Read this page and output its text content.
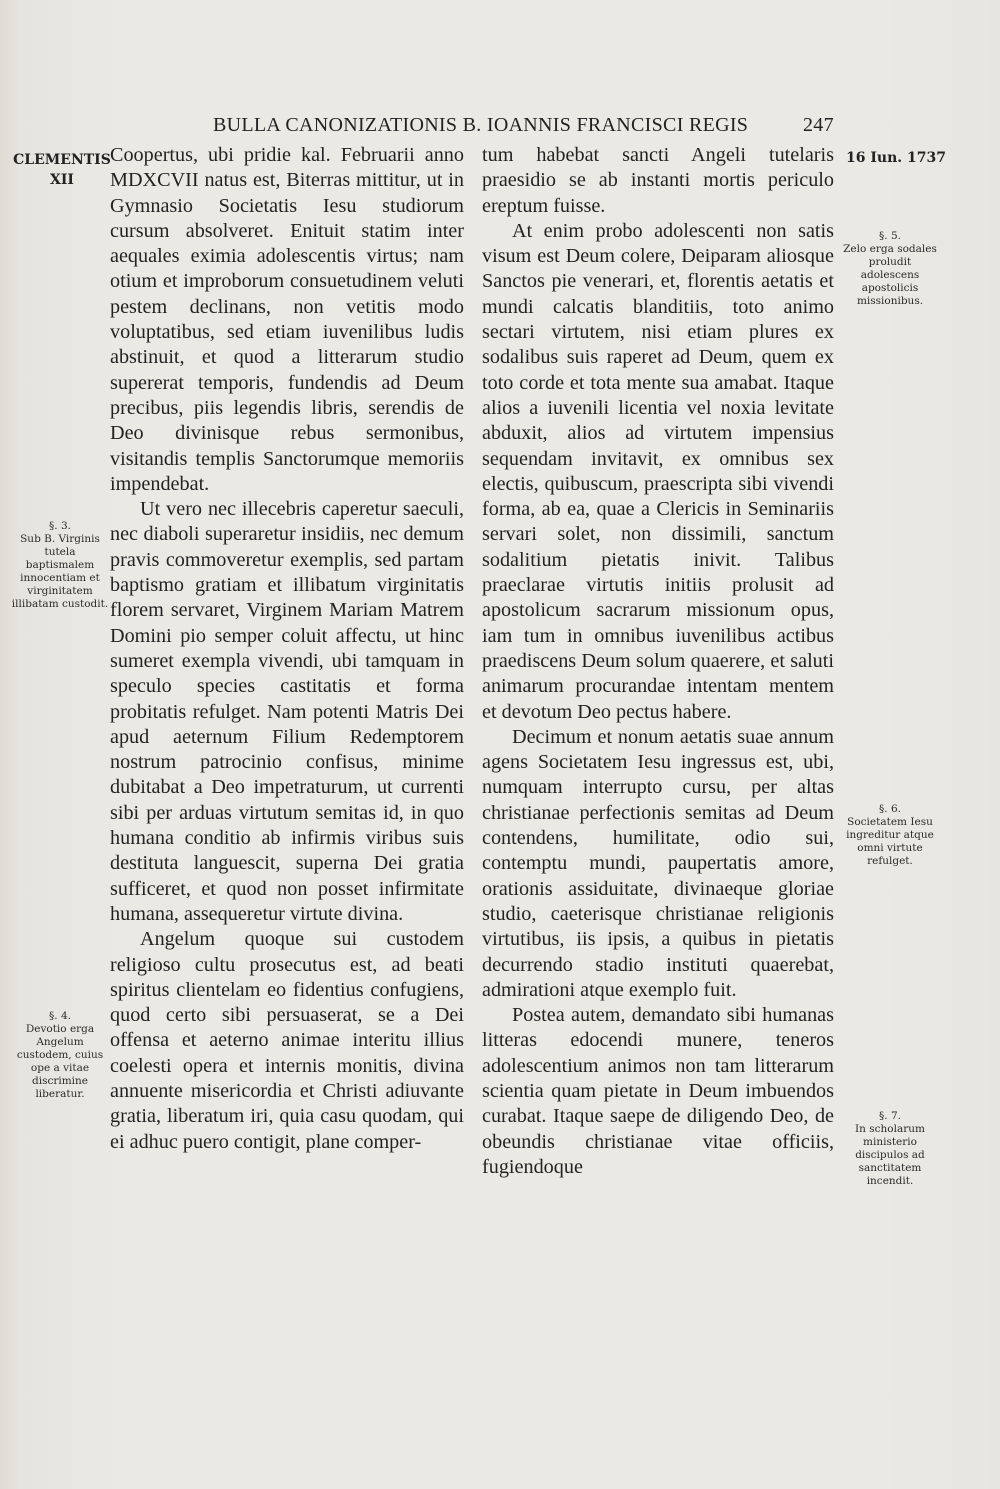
BULLA CANONIZATIONIS B. IOANNIS FRANCISCI REGIS	247
CLEMENTIS
XII
16 Iun. 1737
§. 3.
Sub B. Virginis tutela baptismalem innocentiam et virginitatem illibatam custodit.
§. 4.
Devotio erga Angelum custodem, cuius ope a vitae discrimine liberatur.
§. 5.
Zelo erga sodales proludit adolescens apostolicis missionibus.
§. 6.
Societatem Iesu ingreditur atque omni virtute refulget.
§. 7.
In scholarum ministerio discipulos ad sanctitatem incendit.

Coopertus, ubi pridie kal. Februarii anno MDXCVII natus est, Biterras mittitur, ut in Gymnasio Societatis Iesu studiorum cursum absolveret. Enituit statim inter aequales eximia adolescentis virtus; nam otium et improborum consuetudinem veluti pestem declinans, non vetitis modo voluptatibus, sed etiam iuvenilibus ludis abstinuit, et quod a litterarum studio supererat temporis, fundendis ad Deum precibus, piis legendis libris, serendis de Deo divinisque rebus sermonibus, visitandis templis Sanctorumque memoriis impendebat.

Ut vero nec illecebris caperetur saeculi, nec diaboli superaretur insidiis, nec demum pravis commoveretur exemplis, sed partam baptismo gratiam et illibatum virginitatis florem servaret, Virginem Mariam Matrem Domini pio semper coluit affectu, ut hinc sumeret exempla vivendi, ubi tamquam in speculo species castitatis et forma probitatis refulget. Nam potenti Matris Dei apud aeternum Filium Redemptorem nostrum patrocinio confisus, minime dubitabat a Deo impetraturum, ut currenti sibi per arduas virtutum semitas id, in quo humana conditio ab infirmis viribus suis destituta languescit, superna Dei gratia sufficeret, et quod non posset infirmitate humana, assequeretur virtute divina.

Angelum quoque sui custodem religioso cultu prosecutus est, ad beati spiritus clientelam eo fidentius confugiens, quod certo sibi persuaserat, se a Dei offensa et aeterno animae interitu illius coelesti opera et internis monitis, divina annuente misericordia et Christi adiuvante gratia, liberatum iri, quia casu quodam, qui ei adhuc puero contigit, plane comper-

tum habebat sancti Angeli tutelaris praesidio se ab instanti mortis periculo ereptum fuisse.

At enim probo adolescenti non satis visum est Deum colere, Deiparam aliosque Sanctos pie venerari, et, florentis aetatis et mundi calcatis blanditiis, toto animo sectari virtutem, nisi etiam plures ex sodalibus suis raperet ad Deum, quem ex toto corde et tota mente sua amabat. Itaque alios a iuvenili licentia vel noxia levitate abduxit, alios ad virtutem impensius sequendam invitavit, ex omnibus sex electis, quibuscum, praescripta sibi vivendi forma, ab ea, quae a Clericis in Seminariis servari solet, non dissimili, sanctum sodalitium pietatis inivit. Talibus praeclarae virtutis initiis prolusit ad apostolicum sacrarum missionum opus, iam tum in omnibus iuvenilibus actibus praediscens Deum solum quaerere, et saluti animarum procurandae intentam mentem et devotum Deo pectus habere.

Decimum et nonum aetatis suae annum agens Societatem Iesu ingressus est, ubi, numquam interrupto cursu, per altas christianae perfectionis semitas ad Deum contendens, humilitate, odio sui, contemptu mundi, paupertatis amore, orationis assiduitate, divinaeque gloriae studio, caeterisque christianae religionis virtutibus, iis ipsis, a quibus in pietatis decurrendo stadio instituti quaerebat, admirationi atque exemplo fuit.

Postea autem, demandato sibi humanas litteras edocendi munere, teneros adolescentium animos non tam litterarum scientia quam pietate in Deum imbuendos curabat. Itaque saepe de diligendo Deo, de obeundis christianae vitae officiis, fugiendoque
